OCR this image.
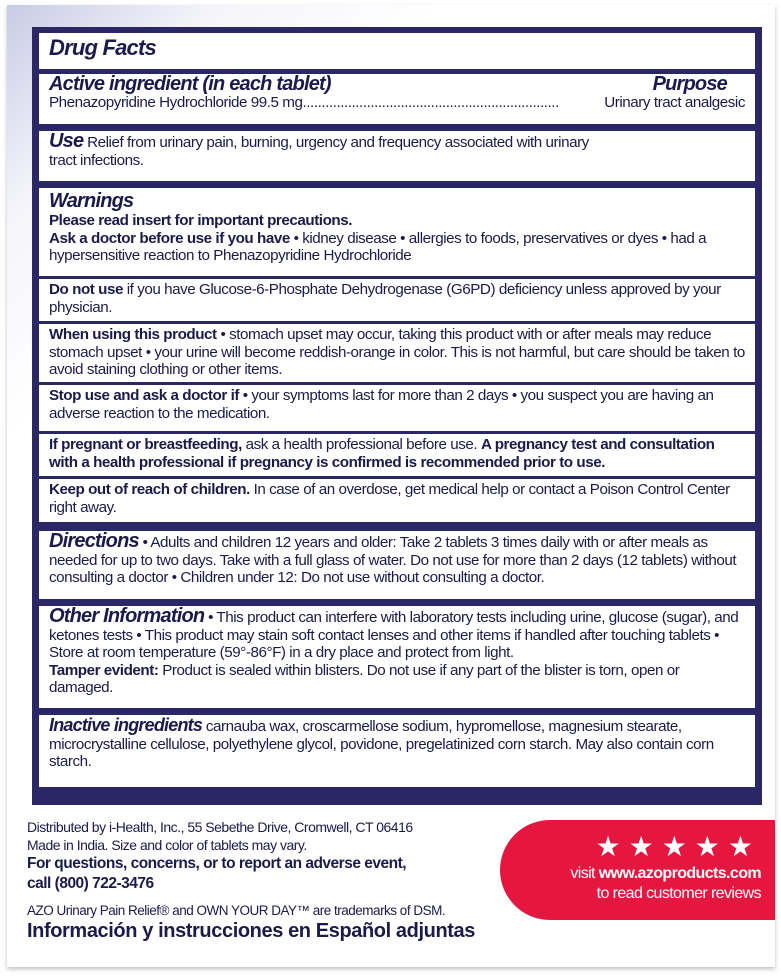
Drug Facts
Active ingredient (in each tablet)	Purpose
Phenazopyridine Hydrochloride 99.5 mg ....................................................................	Urinary tract analgesic
Use Relief from urinary pain, burning, urgency and frequency associated with urinary
tract infections.
Warnings
Please read insert for important precautions.
Ask a doctor before use if you have • kidney disease • allergies to foods, preservatives or dyes • had a hypersensitive reaction to Phenazopyridine Hydrochloride
Do not use if you have Glucose-6-Phosphate Dehydrogenase (G6PD) deficiency unless approved by your physician.
When using this product • stomach upset may occur, taking this product with or after meals may reduce stomach upset • your urine will become reddish-orange in color. This is not harmful, but care should be taken to avoid staining clothing or other items.
Stop use and ask a doctor if • your symptoms last for more than 2 days • you suspect you are having an adverse reaction to the medication.
If pregnant or breastfeeding, ask a health professional before use. A pregnancy test and consultation with a health professional if pregnancy is confirmed is recommended prior to use.
Keep out of reach of children. In case of an overdose, get medical help or contact a Poison Control Center right away.
Directions • Adults and children 12 years and older: Take 2 tablets 3 times daily with or after meals as needed for up to two days. Take with a full glass of water. Do not use for more than 2 days (12 tablets) without consulting a doctor • Children under 12: Do not use without consulting a doctor.
Other Information • This product can interfere with laboratory tests including urine, glucose (sugar), and ketones tests • This product may stain soft contact lenses and other items if handled after touching tablets • Store at room temperature (59°-86°F) in a dry place and protect from light.
Tamper evident: Product is sealed within blisters. Do not use if any part of the blister is torn, open or damaged.
Inactive ingredients carnauba wax, croscarmellose sodium, hypromellose, magnesium stearate, microcrystalline cellulose, polyethylene glycol, povidone, pregelatinized corn starch. May also contain corn starch.
Distributed by i-Health, Inc., 55 Sebethe Drive, Cromwell, CT 06416
Made in India. Size and color of tablets may vary.
For questions, concerns, or to report an adverse event,
call (800) 722-3476
AZO Urinary Pain Relief® and OWN YOUR DAY™ are trademarks of DSM.
Información y instrucciones en Español adjuntas
★★★★★
visit www.azoproducts.com
to read customer reviews
